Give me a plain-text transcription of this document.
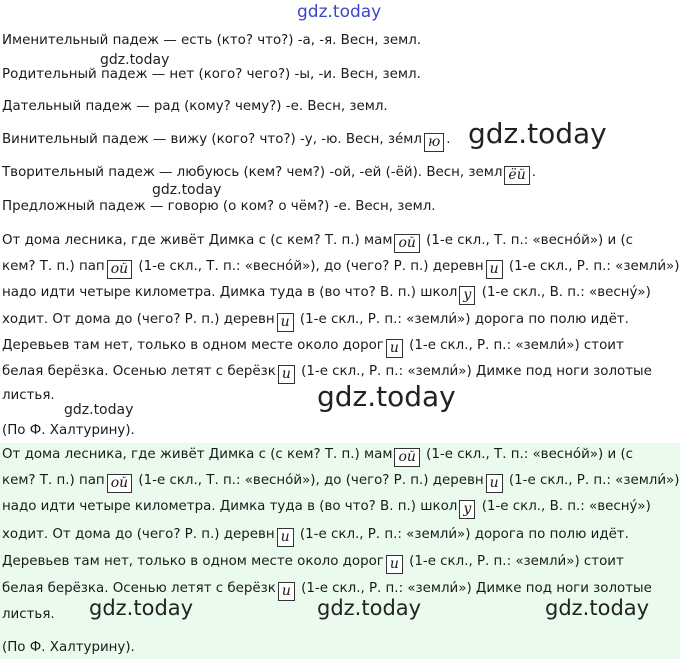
Именительный падеж — есть (кто? что?) -а, -я. Весн, земл.
Родительный падеж — нет (кого? чего?) -ы, -и. Весн, земл.
Дательный падеж — рад (кому? чему?) -е. Весн, земл.
Винительный падеж — вижу (кого? что?) -у, -ю. Весн, зе́мл ю .
Творительный падеж — любуюсь (кем? чем?) -ой, -ей (-ёй). Весн, земл ёй .
Предложный падеж — говорю (о ком? о чём?) -е. Весн, земл.
От дома лесника, где живёт Димка с (с кем? Т. п.) мам ой (1-е скл., Т. п.: «весно́й») и (с
кем? Т. п.) пап ой (1-е скл., Т. п.: «весно́й»), до (чего? Р. п.) деревн и (1-е скл., Р. п.: «земли́»)
надо идти четыре километра. Димка туда в (во что? В. п.) школ у (1-е скл., В. п.: «весну́»)
ходит. От дома до (чего? Р. п.) деревн и (1-е скл., Р. п.: «земли́») дорога по полю идёт.
Деревьев там нет, только в одном месте около дорог и (1-е скл., Р. п.: «земли́») стоит
белая берёзка. Осенью летят с берёзк и (1-е скл., Р. п.: «земли́») Димке под ноги золотые
листья.
(По Ф. Халтурину).
От дома лесника, где живёт Димка с (с кем? Т. п.) мам ой (1-е скл., Т. п.: «весно́й») и (с
кем? Т. п.) пап ой (1-е скл., Т. п.: «весно́й»), до (чего? Р. п.) деревн и (1-е скл., Р. п.: «земли́»)
надо идти четыре километра. Димка туда в (во что? В. п.) школ у (1-е скл., В. п.: «весну́»)
ходит. От дома до (чего? Р. п.) деревн и (1-е скл., Р. п.: «земли́») дорога по полю идёт.
Деревьев там нет, только в одном месте около дорог и (1-е скл., Р. п.: «земли́») стоит
белая берёзка. Осенью летят с берёзк и (1-е скл., Р. п.: «земли́») Димке под ноги золотые
листья.
(По Ф. Халтурину).
gdz.today
gdz.today
gdz.today
gdz.today
gdz.today
gdz.today
gdz.today	gdz.today	gdz.today
